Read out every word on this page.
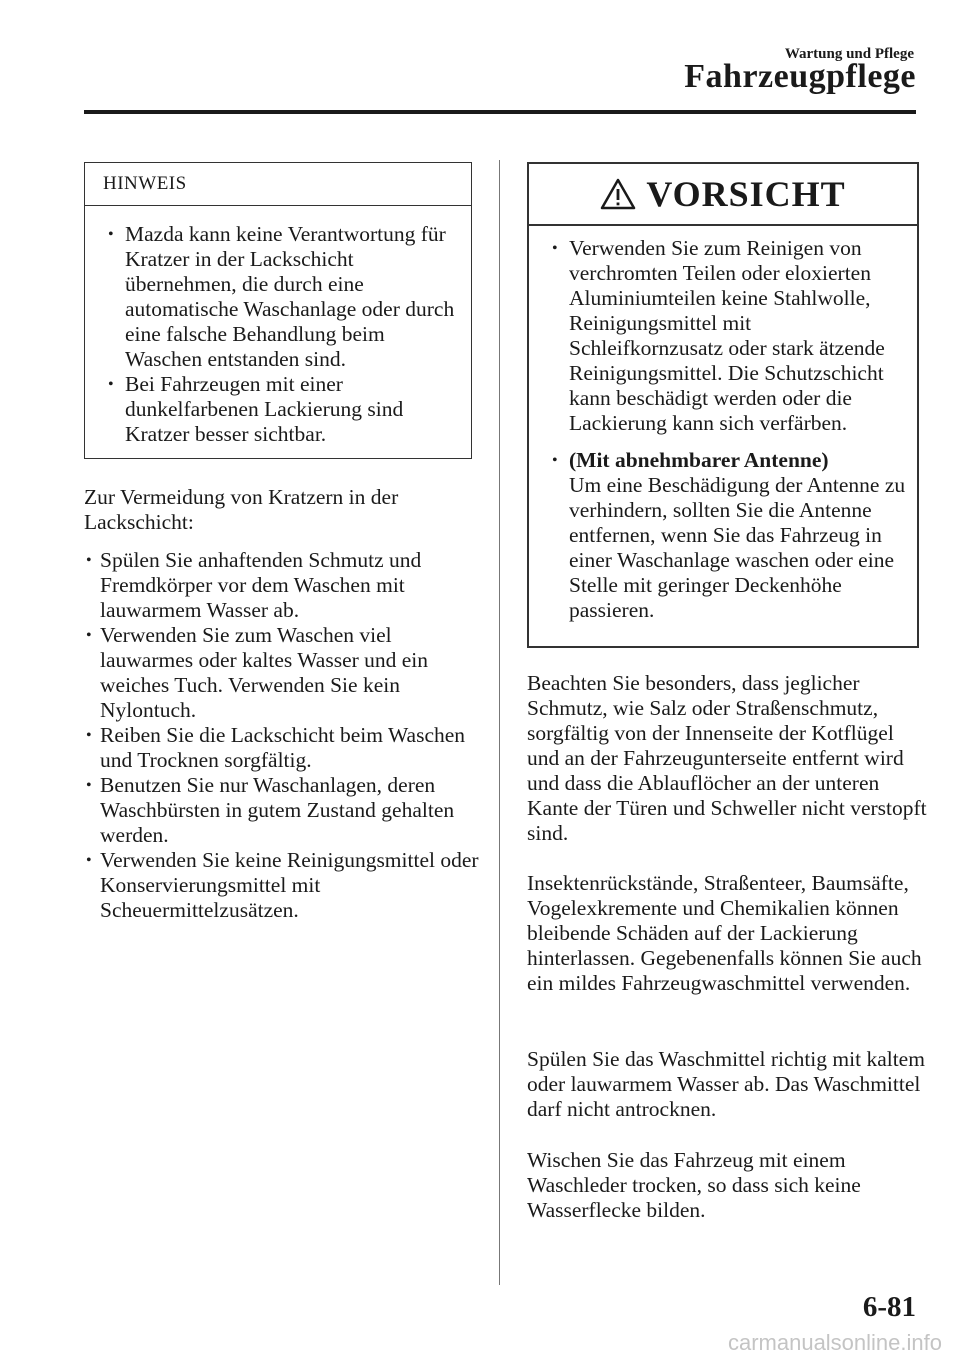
Wartung und Pflege
Fahrzeugpflege
HINWEIS
• Mazda kann keine Verantwortung für Kratzer in der Lackschicht übernehmen, die durch eine automatische Waschanlage oder durch eine falsche Behandlung beim Waschen entstanden sind.
• Bei Fahrzeugen mit einer dunkelfarbenen Lackierung sind Kratzer besser sichtbar.
Zur Vermeidung von Kratzern in der Lackschicht:
• Spülen Sie anhaftenden Schmutz und Fremdkörper vor dem Waschen mit lauwarmem Wasser ab.
• Verwenden Sie zum Waschen viel lauwarmes oder kaltes Wasser und ein weiches Tuch. Verwenden Sie kein Nylontuch.
• Reiben Sie die Lackschicht beim Waschen und Trocknen sorgfältig.
• Benutzen Sie nur Waschanlagen, deren Waschbürsten in gutem Zustand gehalten werden.
• Verwenden Sie keine Reinigungsmittel oder Konservierungsmittel mit Scheuermittelzusätzen.
VORSICHT
• Verwenden Sie zum Reinigen von verchromten Teilen oder eloxierten Aluminiumteilen keine Stahlwolle, Reinigungsmittel mit Schleifkornzusatz oder stark ätzende Reinigungsmittel. Die Schutzschicht kann beschädigt werden oder die Lackierung kann sich verfärben.
• (Mit abnehmbarer Antenne)
Um eine Beschädigung der Antenne zu verhindern, sollten Sie die Antenne entfernen, wenn Sie das Fahrzeug in einer Waschanlage waschen oder eine Stelle mit geringer Deckenhöhe passieren.
Beachten Sie besonders, dass jeglicher Schmutz, wie Salz oder Straßenschmutz, sorgfältig von der Innenseite der Kotflügel und an der Fahrzeugunterseite entfernt wird und dass die Ablauflöcher an der unteren Kante der Türen und Schweller nicht verstopft sind.
Insektenrückstände, Straßenteer, Baumsäfte, Vogelexkremente und Chemikalien können bleibende Schäden auf der Lackierung hinterlassen. Gegebenenfalls können Sie auch ein mildes Fahrzeugwaschmittel verwenden.
Spülen Sie das Waschmittel richtig mit kaltem oder lauwarmem Wasser ab. Das Waschmittel darf nicht antrocknen.
Wischen Sie das Fahrzeug mit einem Waschleder trocken, so dass sich keine Wasserflecke bilden.
6-81
carmanualsonline.info
